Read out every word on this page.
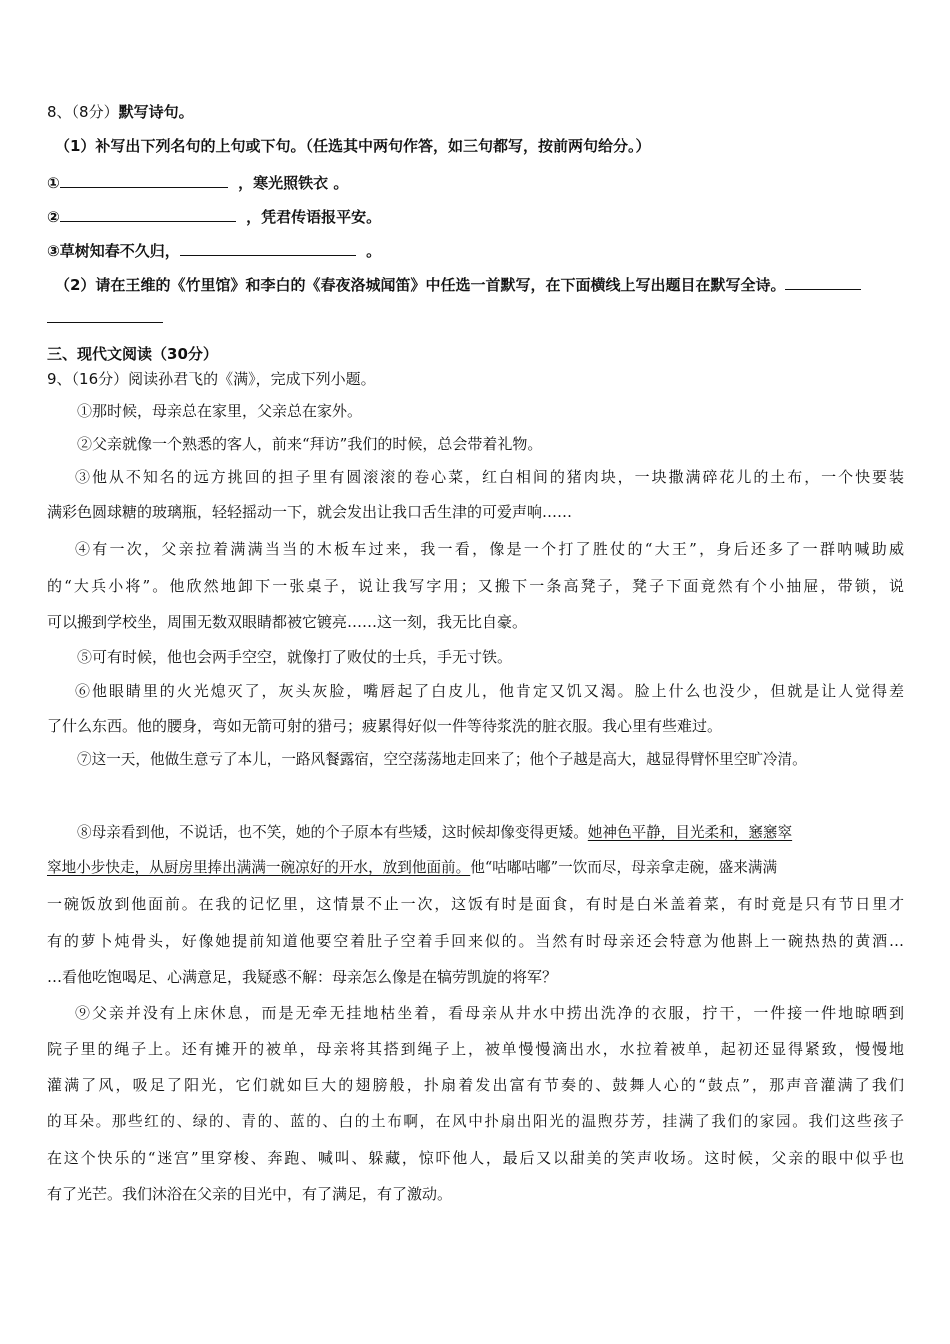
8、（8分）默写诗句。
（1）补写出下列名句的上句或下句。（任选其中两句作答，如三句都写，按前两句给分。）
①	，寒光照铁衣 。
②	，凭君传语报平安。
③草树知春不久归，	。
（2）请在王维的《竹里馆》和李白的《春夜洛城闻笛》中任选一首默写，在下面横线上写出题目在默写全诗。
三、现代文阅读（30分）
9、（16分）阅读孙君飞的《满》，完成下列小题。
①那时候，母亲总在家里，父亲总在家外。
②父亲就像一个熟悉的客人，前来“拜访”我们的时候，总会带着礼物。
③他从不知名的远方挑回的担子里有圆滚滚的卷心菜，红白相间的猪肉块，一块撒满碎花儿的土布，一个快要装
满彩色圆球糖的玻璃瓶，轻轻摇动一下，就会发出让我口舌生津的可爱声响……
④有一次，父亲拉着满满当当的木板车过来，我一看，像是一个打了胜仗的“大王”，身后还多了一群呐喊助威
的“大兵小将”。他欣然地卸下一张桌子，说让我写字用；又搬下一条高凳子，凳子下面竟然有个小抽屉，带锁，说
可以搬到学校坐，周围无数双眼睛都被它镀亮……这一刻，我无比自豪。
⑤可有时候，他也会两手空空，就像打了败仗的士兵，手无寸铁。
⑥他眼睛里的火光熄灭了，灰头灰脸，嘴唇起了白皮儿，他肯定又饥又渴。脸上什么也没少，但就是让人觉得差
了什么东西。他的腰身，弯如无箭可射的猎弓；疲累得好似一件等待浆洗的脏衣服。我心里有些难过。
⑦这一天，他做生意亏了本儿，一路风餐露宿，空空荡荡地走回来了；他个子越是高大，越显得臂怀里空旷冷清。
⑧母亲看到他，不说话，也不笑，她的个子原本有些矮，这时候却像变得更矮。她神色平静，目光柔和，窸窸窣
窣地小步快走，从厨房里捧出满满一碗凉好的开水，放到他面前。他“咕嘟咕嘟”一饮而尽，母亲拿走碗，盛来满满
一碗饭放到他面前。在我的记忆里，这情景不止一次，这饭有时是面食，有时是白米盖着菜，有时竟是只有节日里才
有的萝卜炖骨头，好像她提前知道他要空着肚子空着手回来似的。当然有时母亲还会特意为他斟上一碗热热的黄酒…
…看他吃饱喝足、心满意足，我疑惑不解：母亲怎么像是在犒劳凯旋的将军？
⑨父亲并没有上床休息，而是无牵无挂地枯坐着，看母亲从井水中捞出洗净的衣服，拧干，一件接一件地晾晒到
院子里的绳子上。还有摊开的被单，母亲将其搭到绳子上，被单慢慢滴出水，水拉着被单，起初还显得紧致，慢慢地
灌满了风，吸足了阳光，它们就如巨大的翅膀般，扑扇着发出富有节奏的、鼓舞人心的“鼓点”，那声音灌满了我们
的耳朵。那些红的、绿的、青的、蓝的、白的土布啊，在风中扑扇出阳光的温煦芬芳，挂满了我们的家园。我们这些孩子
在这个快乐的“迷宫”里穿梭、奔跑、喊叫、躲藏，惊吓他人，最后又以甜美的笑声收场。这时候，父亲的眼中似乎也
有了光芒。我们沐浴在父亲的目光中，有了满足，有了激动。
